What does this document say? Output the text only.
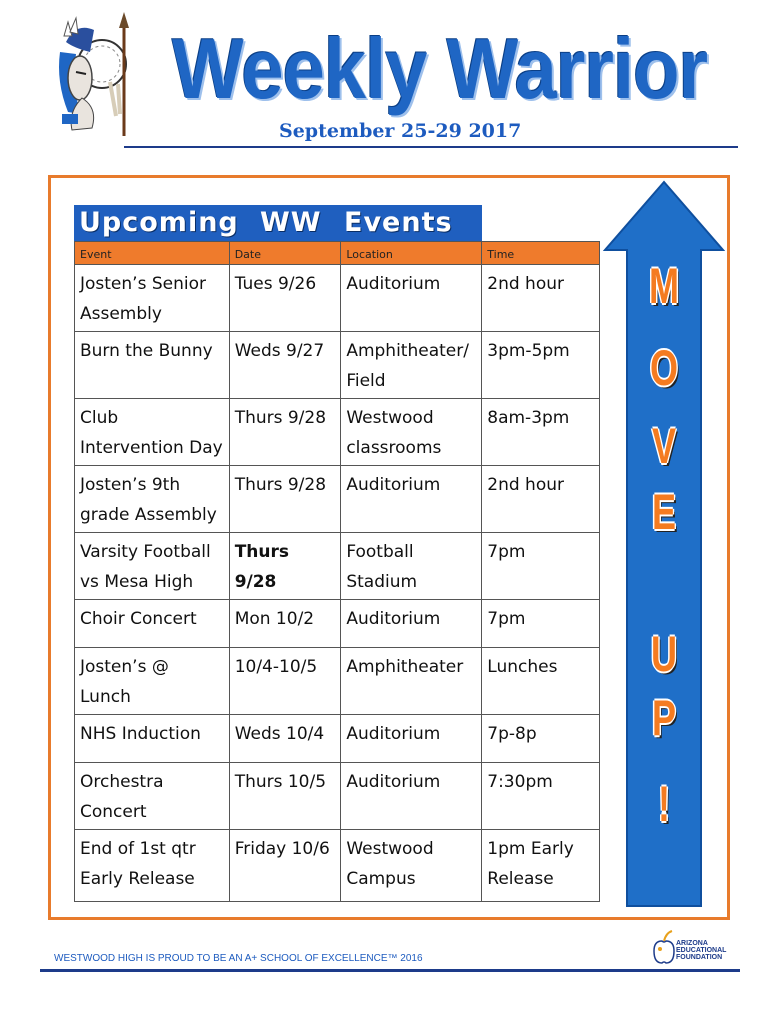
Weekly Warrior
September 25-29 2017
Upcoming WW Events
Event	Date	Location	Time
Josten’s Senior Assembly	Tues 9/26	Auditorium	2nd hour
Burn the Bunny	Weds 9/27	Amphitheater/ Field	3pm-5pm
Club Intervention Day	Thurs 9/28	Westwood classrooms	8am-3pm
Josten’s 9th grade Assembly	Thurs 9/28	Auditorium	2nd hour
Varsity Football vs Mesa High	Thurs 9/28	Football Stadium	7pm
Choir Concert	Mon 10/2	Auditorium	7pm
Josten’s @ Lunch	10/4-10/5	Amphitheater	Lunches
NHS Induction	Weds 10/4	Auditorium	7p-8p
Orchestra Concert	Thurs 10/5	Auditorium	7:30pm
End of 1st qtr Early Release	Friday 10/6	Westwood Campus	1pm Early Release
M
O
V
E
U
P
!
WESTWOOD HIGH IS PROUD TO BE AN A+ SCHOOL OF EXCELLENCE™ 2016
ARIZONA
EDUCATIONAL
FOUNDATION
